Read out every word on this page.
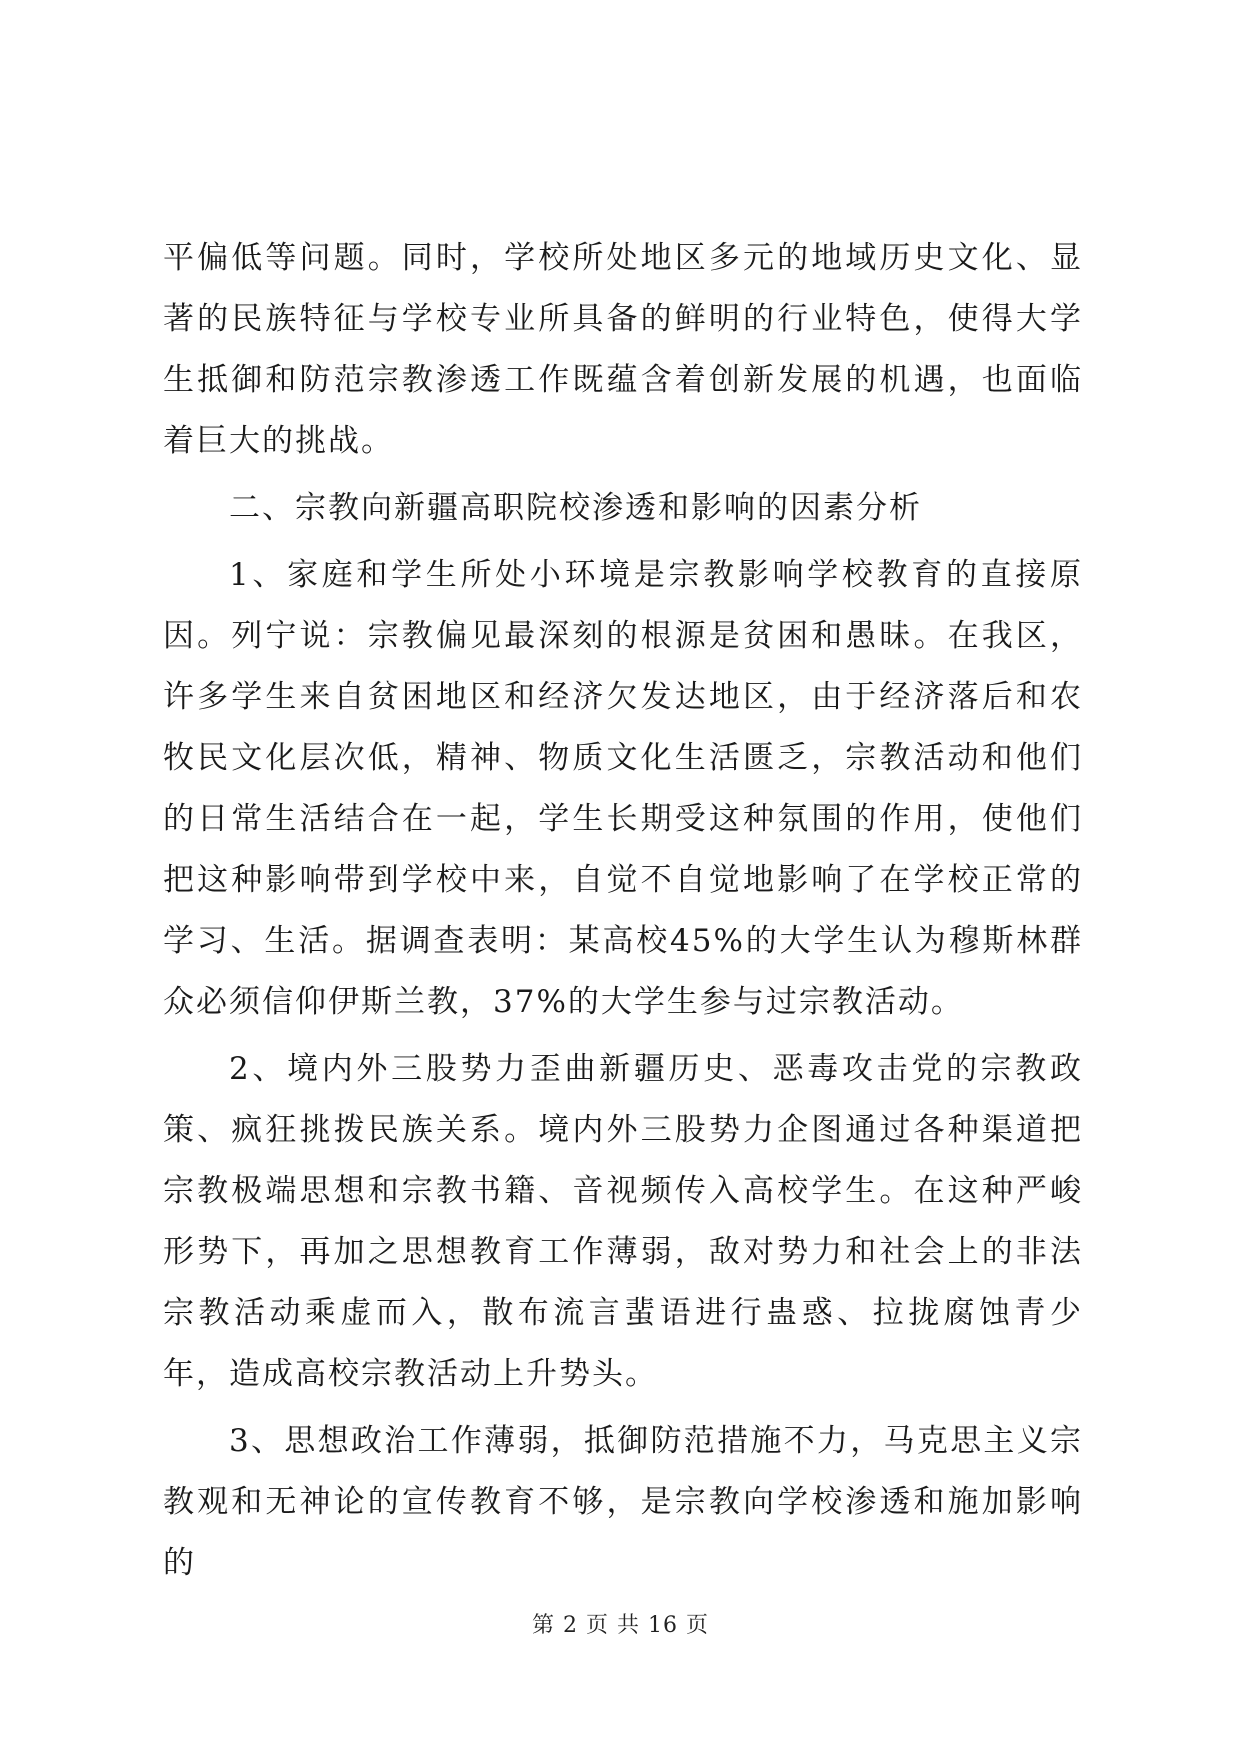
平偏低等问题。同时，学校所处地区多元的地域历史文化、显著的民族特征与学校专业所具备的鲜明的行业特色，使得大学生抵御和防范宗教渗透工作既蕴含着创新发展的机遇，也面临着巨大的挑战。

二、宗教向新疆高职院校渗透和影响的因素分析

1、家庭和学生所处小环境是宗教影响学校教育的直接原因。列宁说：宗教偏见最深刻的根源是贫困和愚昧。在我区，许多学生来自贫困地区和经济欠发达地区，由于经济落后和农牧民文化层次低，精神、物质文化生活匮乏，宗教活动和他们的日常生活结合在一起，学生长期受这种氛围的作用，使他们把这种影响带到学校中来，自觉不自觉地影响了在学校正常的学习、生活。据调查表明：某高校45%的大学生认为穆斯林群众必须信仰伊斯兰教，37%的大学生参与过宗教活动。

2、境内外三股势力歪曲新疆历史、恶毒攻击党的宗教政策、疯狂挑拨民族关系。境内外三股势力企图通过各种渠道把宗教极端思想和宗教书籍、音视频传入高校学生。在这种严峻形势下，再加之思想教育工作薄弱，敌对势力和社会上的非法宗教活动乘虚而入，散布流言蜚语进行蛊惑、拉拢腐蚀青少年，造成高校宗教活动上升势头。

3、思想政治工作薄弱，抵御防范措施不力，马克思主义宗教观和无神论的宣传教育不够，是宗教向学校渗透和施加影响的

第 2 页 共 16 页
